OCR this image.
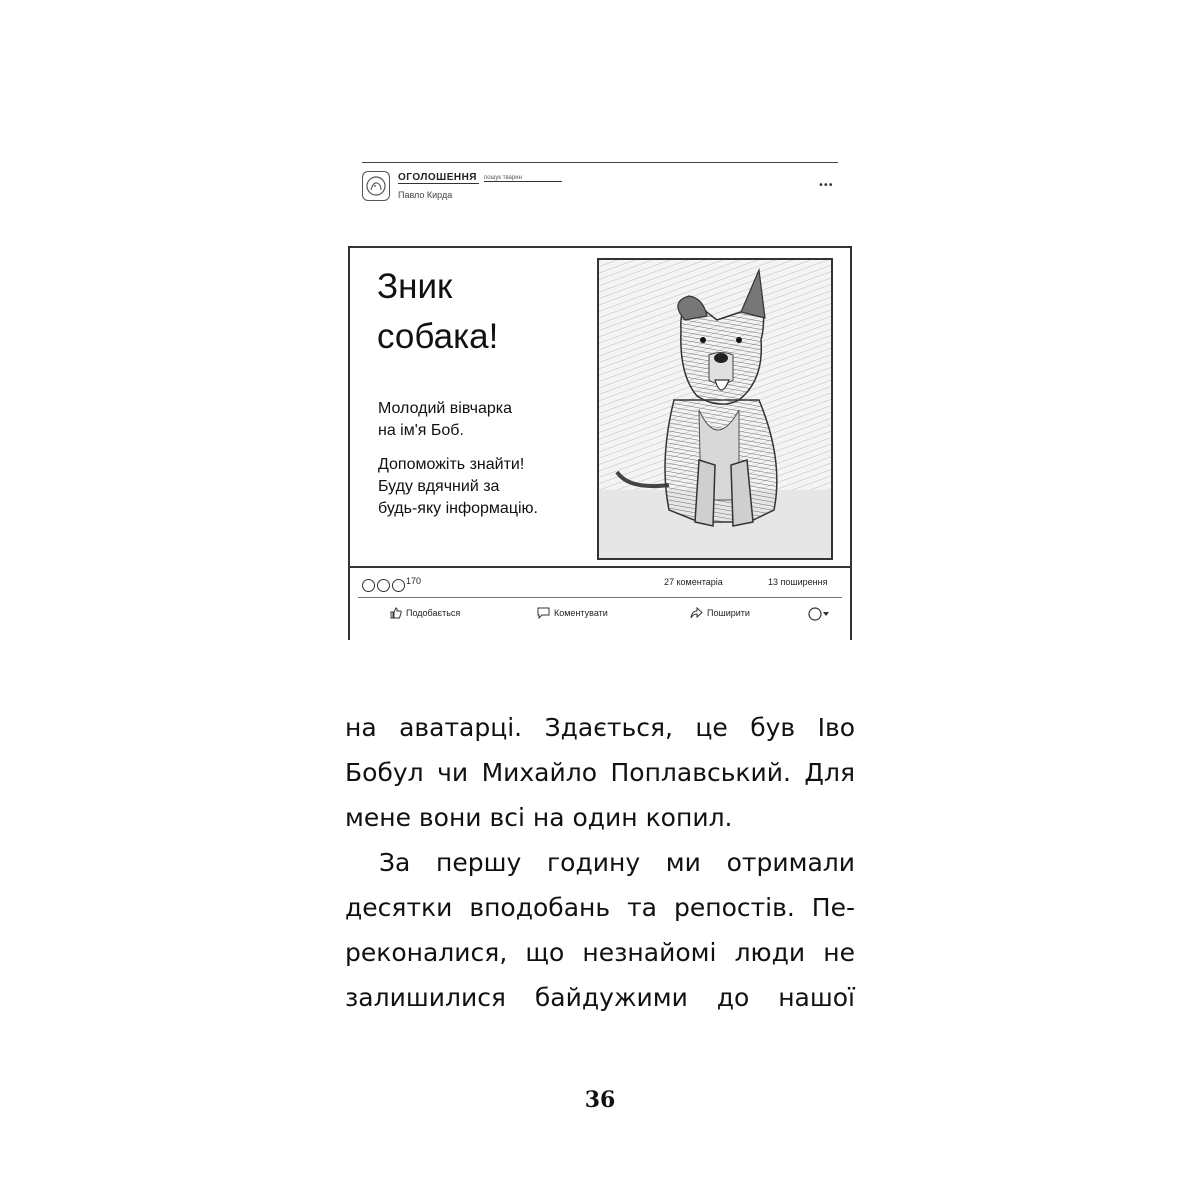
ОГОЛОШЕННЯ	пошук тварин
Павло Кирда
•••
Зник
собака!

Молодий вівчарка
на ім'я Боб.

Допоможіть знайти!
Буду вдячний за
будь-яку інформацію.

170	27 коментаріа	13 поширення
Подобається	Коментувати	Поширити
на аватарці. Здається, це був Іво
Бобул чи Михайло Поплавський. Для
мене вони всі на один копил.
За першу годину ми отримали
десятки вподобань та репостів. Пе-
реконалися, що незнайомі люди не
залишилися байдужими до нашої
36
